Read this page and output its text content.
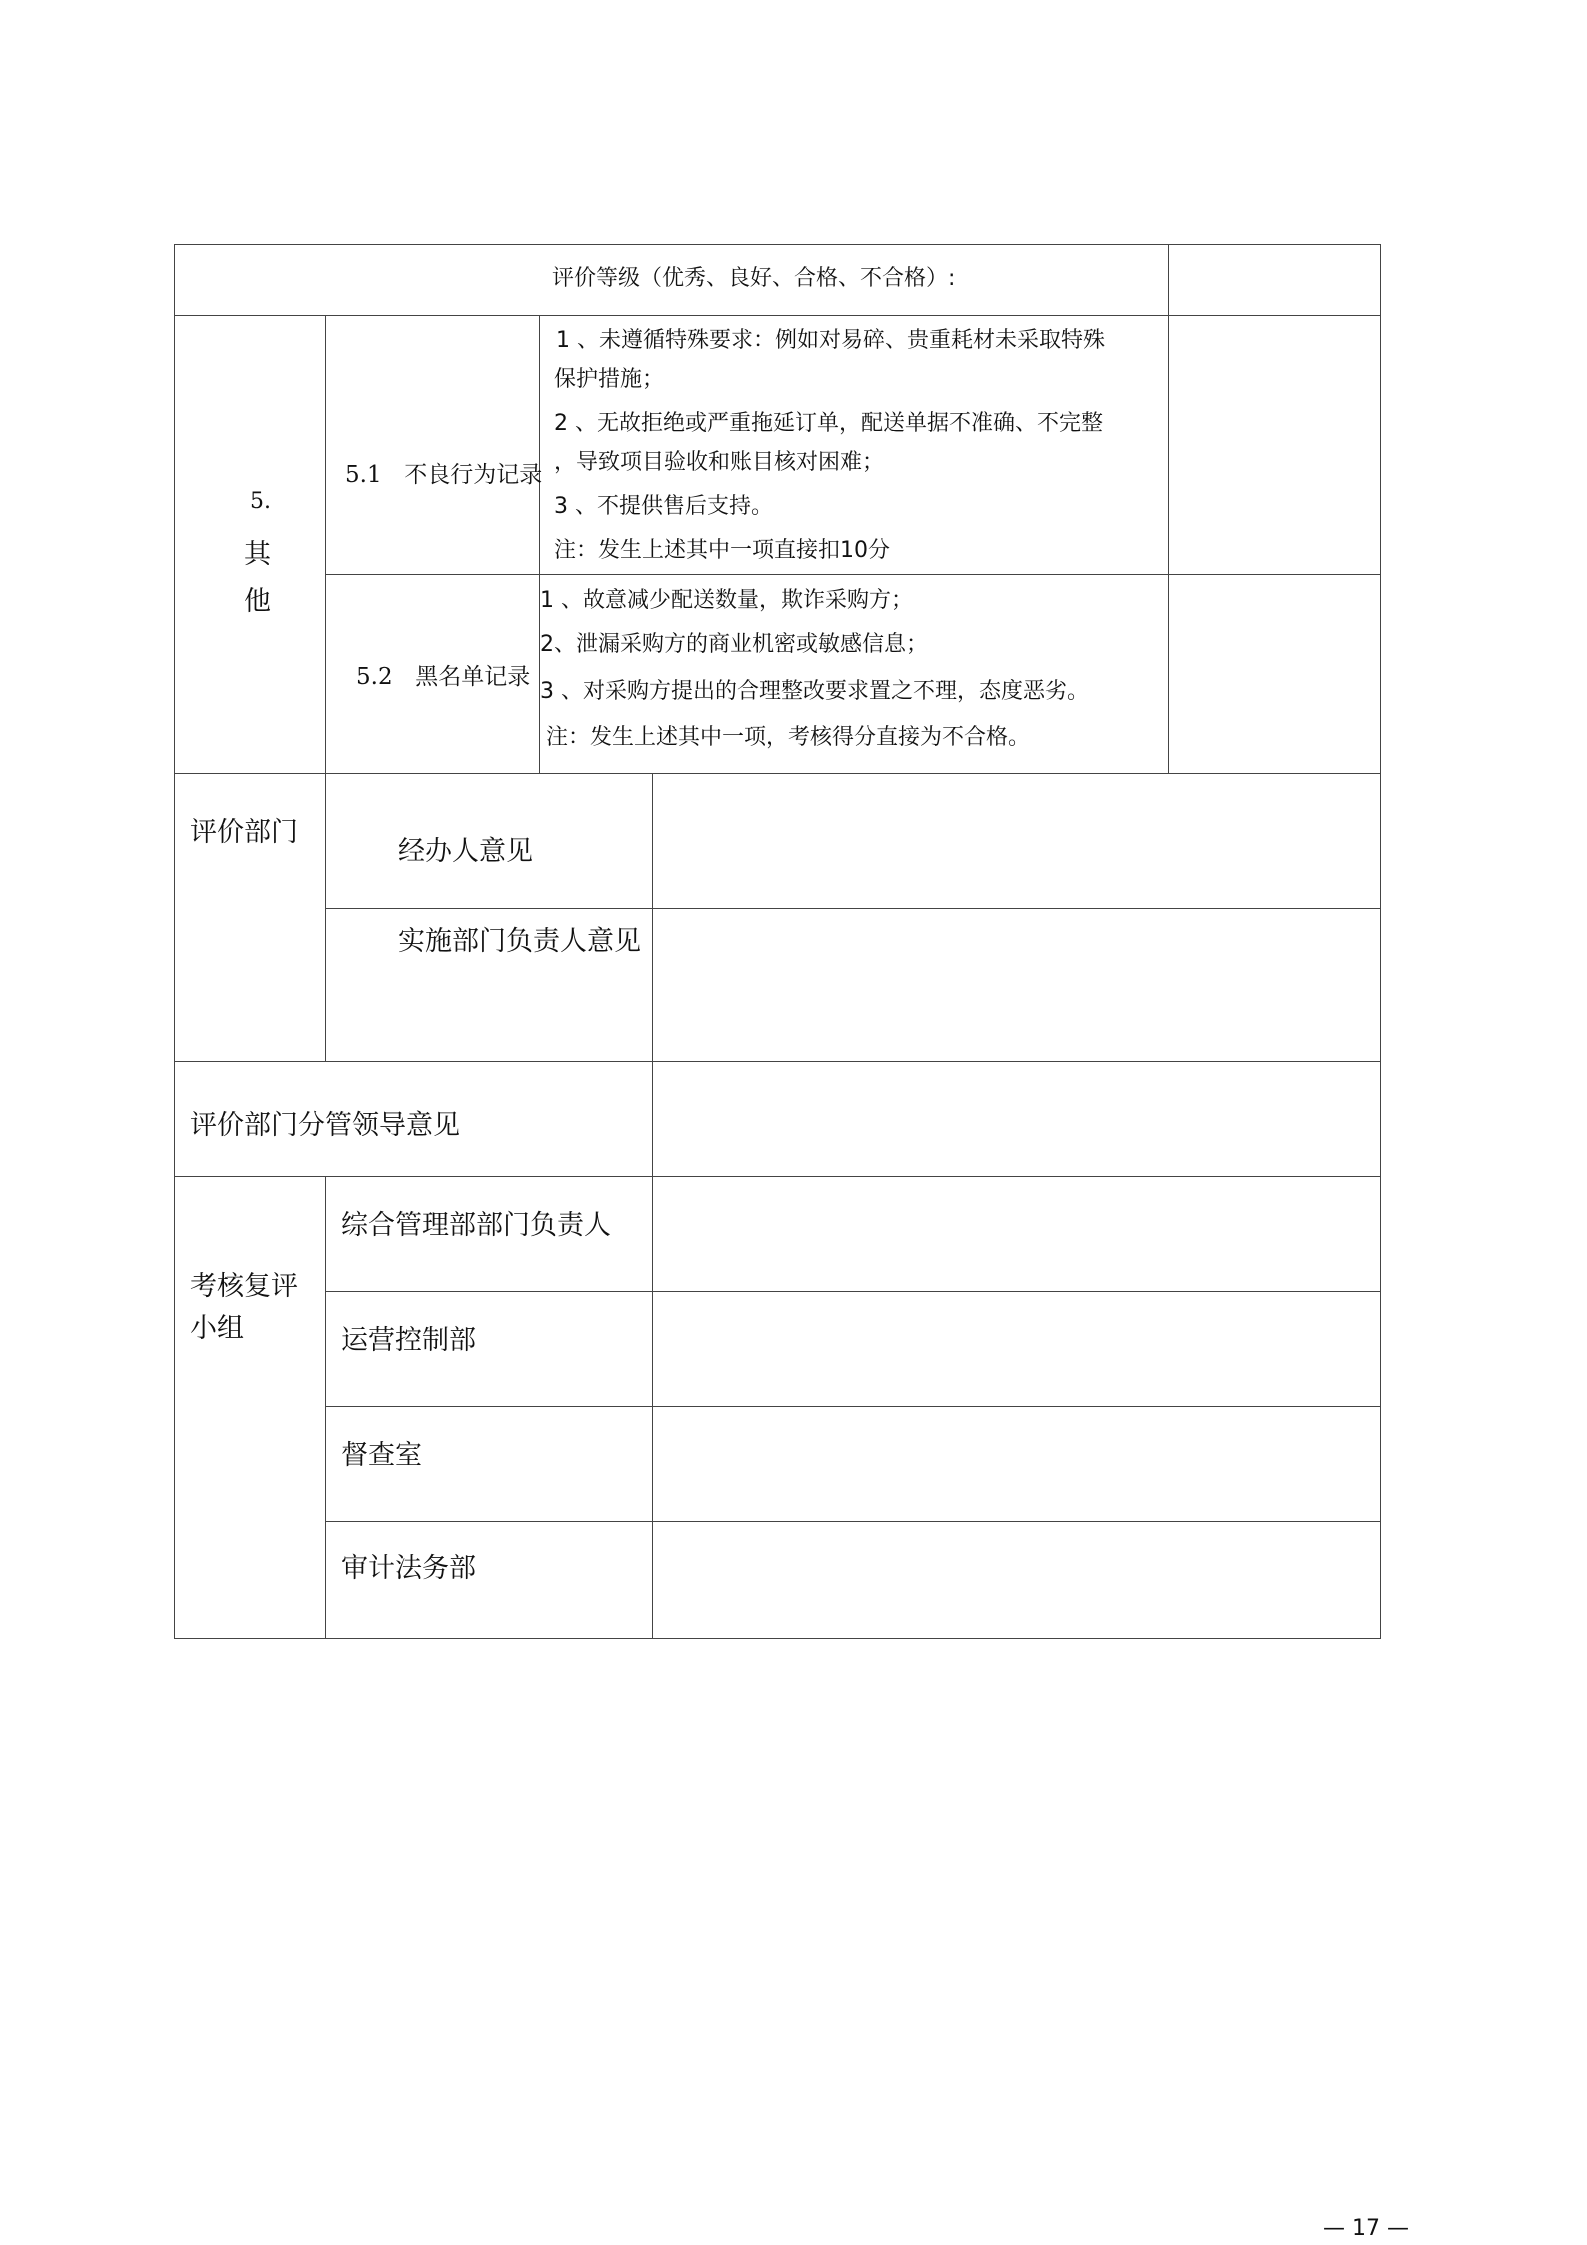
评价等级（优秀、良好、合格、不合格）:
5.
其
他
5.1 不良行为记录
1 、未遵循特殊要求：例如对易碎、贵重耗材未采取特殊
保护措施；
2 、无故拒绝或严重拖延订单，配送单据不准确、不完整
，导致项目验收和账目核对困难；
3 、不提供售后支持。
注：发生上述其中一项直接扣10分
5.2 黑名单记录
1 、故意减少配送数量，欺诈采购方；
2、泄漏采购方的商业机密或敏感信息；
3 、对采购方提出的合理整改要求置之不理，态度恶劣。
注：发生上述其中一项，考核得分直接为不合格。
评价部门
经办人意见
实施部门负责人意见
评价部门分管领导意见
考核复评
小组
综合管理部部门负责人
运营控制部
督查室
审计法务部
— 17 —
